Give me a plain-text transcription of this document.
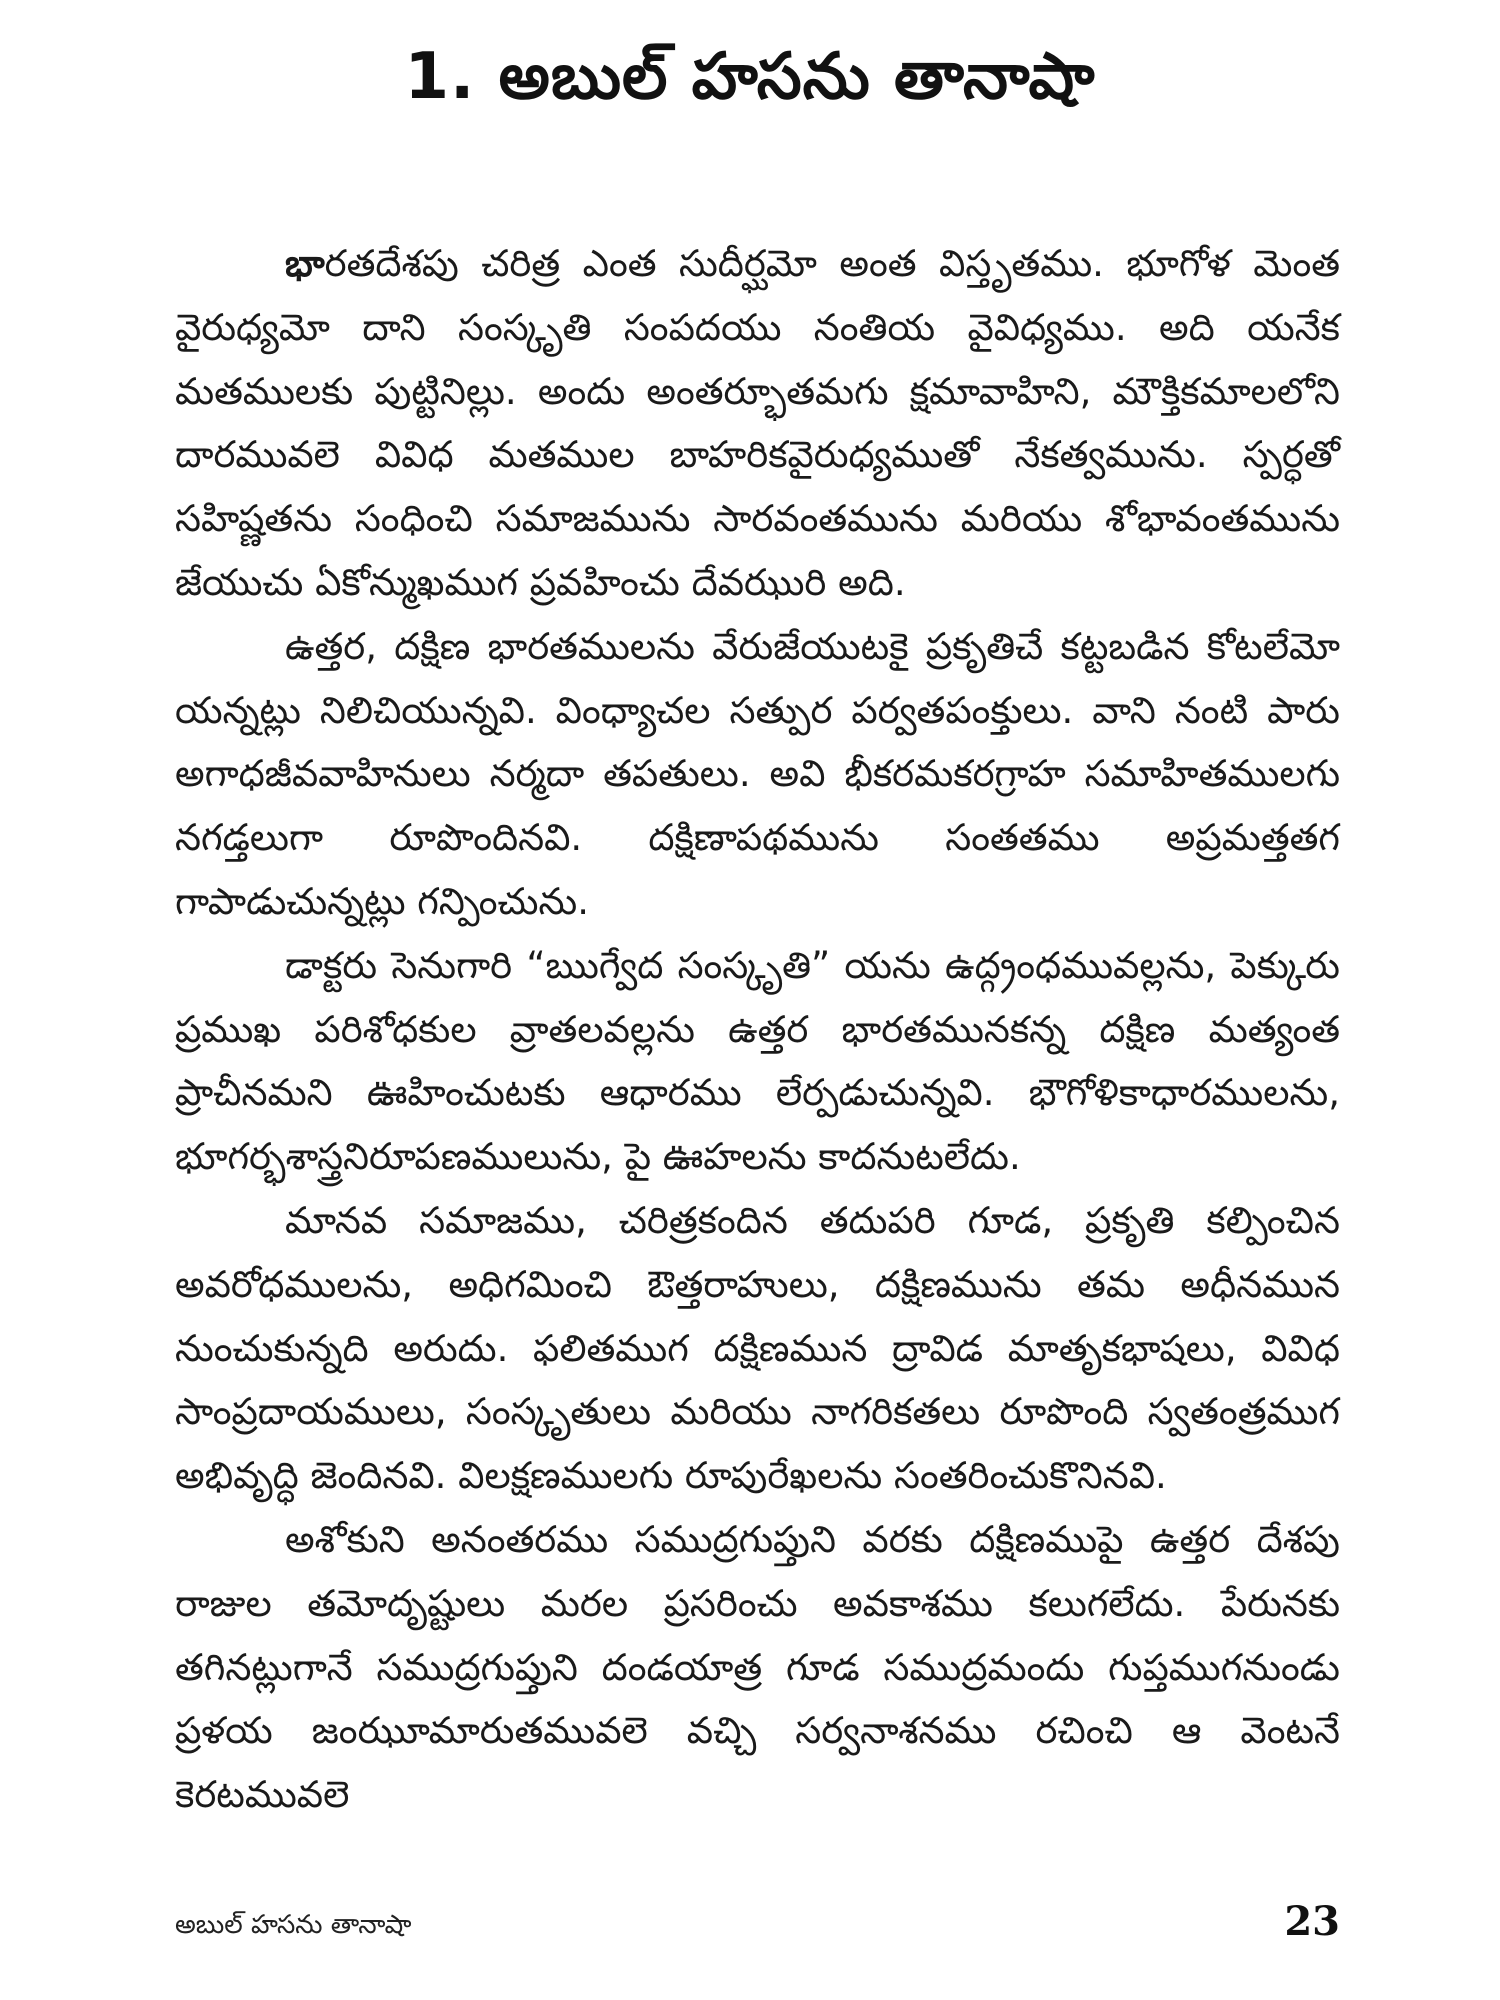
1. అబుల్ హసను తానాషా

భారతదేశపు చరిత్ర ఎంత సుదీర్ఘమో అంత విస్తృతము. భూగోళ మెంత వైరుధ్యమో దాని సంస్కృతి సంపదయు నంతియ వైవిధ్యము. అది యనేక మతములకు పుట్టినిల్లు. అందు అంతర్భూతమగు క్షమావాహిని, మౌక్తికమాలలోని దారమువలె వివిధ మతముల బాహరికవైరుధ్యముతో నేకత్వమును. స్పర్ధతో సహిష్ణతను సంధించి సమాజమును సారవంతమును మరియు శోభావంతమును జేయుచు ఏకోన్ముఖముగ ప్రవహించు దేవఝురి అది.

ఉత్తర, దక్షిణ భారతములను వేరుజేయుటకై ప్రకృతిచే కట్టబడిన కోటలేమో యన్నట్లు నిలిచియున్నవి. వింధ్యాచల సత్పుర పర్వతపంక్తులు. వాని నంటి పారు అగాధజీవవాహినులు నర్మదా తపతులు. అవి భీకరమకరగ్రాహ సమాహితములగు నగడ్తలుగా రూపొందినవి. దక్షిణాపథమును సంతతము అప్రమత్తతగ గాపాడుచున్నట్లు గన్పించును.

డాక్టరు సెనుగారి “ఋగ్వేద సంస్కృతి” యను ఉద్గ్రంధమువల్లను, పెక్కురు ప్రముఖ పరిశోధకుల వ్రాతలవల్లను ఉత్తర భారతమునకన్న దక్షిణ మత్యంత ప్రాచీనమని ఊహించుటకు ఆధారము లేర్పడుచున్నవి. భౌగోళికాధారములను, భూగర్భశాస్త్రనిరూపణములును, పై ఊహలను కాదనుటలేదు.

మానవ సమాజము, చరిత్రకందిన తదుపరి గూడ, ప్రకృతి కల్పించిన అవరోధములను, అధిగమించి ఔత్తరాహులు, దక్షిణమును తమ అధీనమున నుంచుకున్నది అరుదు. ఫలితముగ దక్షిణమున ద్రావిడ మాతృకభాషలు, వివిధ సాంప్రదాయములు, సంస్కృతులు మరియు నాగరికతలు రూపొంది స్వతంత్రముగ అభివృద్ధి జెందినవి. విలక్షణములగు రూపురేఖలను సంతరించుకొనినవి.

అశోకుని అనంతరము సముద్రగుప్తుని వరకు దక్షిణముపై ఉత్తర దేశపు రాజుల తమోదృష్టులు మరల ప్రసరించు అవకాశము కలుగలేదు. పేరునకు తగినట్లుగానే సముద్రగుప్తుని దండయాత్ర గూడ సముద్రమందు గుప్తముగనుండు ప్రళయ జంఝూమారుతమువలె వచ్చి సర్వనాశనము రచించి ఆ వెంటనే కెరటమువలె

అబుల్ హసను తానాషా	23
